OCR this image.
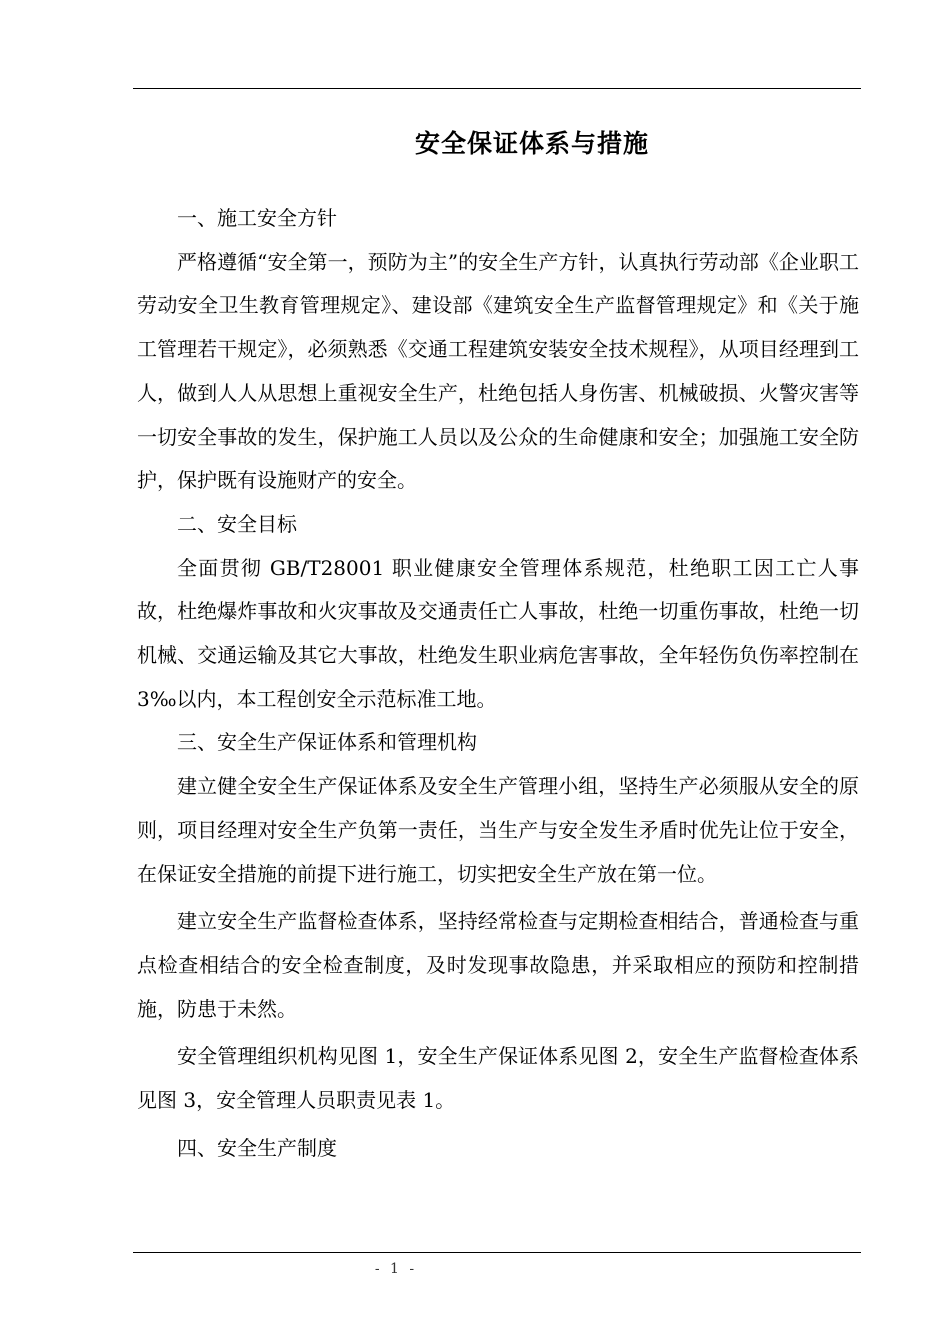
安全保证体系与措施

一、施工安全方针

严格遵循“安全第一，预防为主”的安全生产方针，认真执行劳动部《企业职工劳动安全卫生教育管理规定》、建设部《建筑安全生产监督管理规定》和《关于施工管理若干规定》，必须熟悉《交通工程建筑安装安全技术规程》，从项目经理到工人，做到人人从思想上重视安全生产，杜绝包括人身伤害、机械破损、火警灾害等一切安全事故的发生，保护施工人员以及公众的生命健康和安全；加强施工安全防护，保护既有设施财产的安全。

二、安全目标

全面贯彻 GB/T28001 职业健康安全管理体系规范，杜绝职工因工亡人事故，杜绝爆炸事故和火灾事故及交通责任亡人事故，杜绝一切重伤事故，杜绝一切机械、交通运输及其它大事故，杜绝发生职业病危害事故，全年轻伤负伤率控制在 3‰以内，本工程创安全示范标准工地。

三、安全生产保证体系和管理机构

建立健全安全生产保证体系及安全生产管理小组，坚持生产必须服从安全的原则，项目经理对安全生产负第一责任，当生产与安全发生矛盾时优先让位于安全，在保证安全措施的前提下进行施工，切实把安全生产放在第一位。

建立安全生产监督检查体系，坚持经常检查与定期检查相结合，普通检查与重点检查相结合的安全检查制度，及时发现事故隐患，并采取相应的预防和控制措施，防患于未然。

安全管理组织机构见图 1，安全生产保证体系见图 2，安全生产监督检查体系见图 3，安全管理人员职责见表 1。

四、安全生产制度

- 1 -
